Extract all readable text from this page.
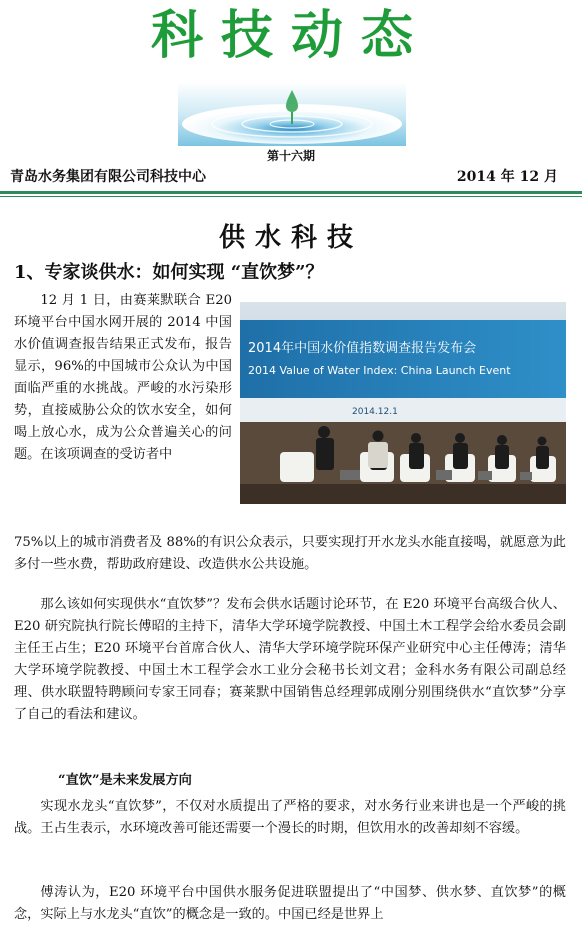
科技动态
第十六期
青岛水务集团有限公司科技中心	2014 年 12 月
供水科技
1、专家谈供水：如何实现 “直饮梦”？
12 月 1 日，由赛莱默联合 E20 环境平台中国水网开展的 2014 中国水价值调查报告结果正式发布，报告显示，96%的中国城市公众认为中国面临严重的水挑战。严峻的水污染形势，直接威胁公众的饮水安全，如何喝上放心水，成为公众普遍关心的问题。在该项调查的受访者中
2014年中国水价值指数调查报告发布会
2014 Value of Water Index: China Launch Event
2014.12.1
75%以上的城市消费者及 88%的有识公众表示，只要实现打开水龙头水能直接喝，就愿意为此多付一些水费，帮助政府建设、改造供水公共设施。
那么该如何实现供水“直饮梦”？发布会供水话题讨论环节，在 E20 环境平台高级合伙人、E20 研究院执行院长傅昭的主持下，清华大学环境学院教授、中国土木工程学会给水委员会副主任王占生；E20 环境平台首席合伙人、清华大学环境学院环保产业研究中心主任傅涛；清华大学环境学院教授、中国土木工程学会水工业分会秘书长刘文君；金科水务有限公司副总经理、供水联盟特聘顾问专家王同春；赛莱默中国销售总经理郭成刚分别围绕供水“直饮梦”分享了自己的看法和建议。
“直饮”是未来发展方向
实现水龙头“直饮梦”，不仅对水质提出了严格的要求，对水务行业来讲也是一个严峻的挑战。王占生表示，水环境改善可能还需要一个漫长的时期，但饮用水的改善却刻不容缓。
傅涛认为，E20 环境平台中国供水服务促进联盟提出了“中国梦、供水梦、直饮梦”的概念，实际上与水龙头“直饮”的概念是一致的。中国已经是世界上
